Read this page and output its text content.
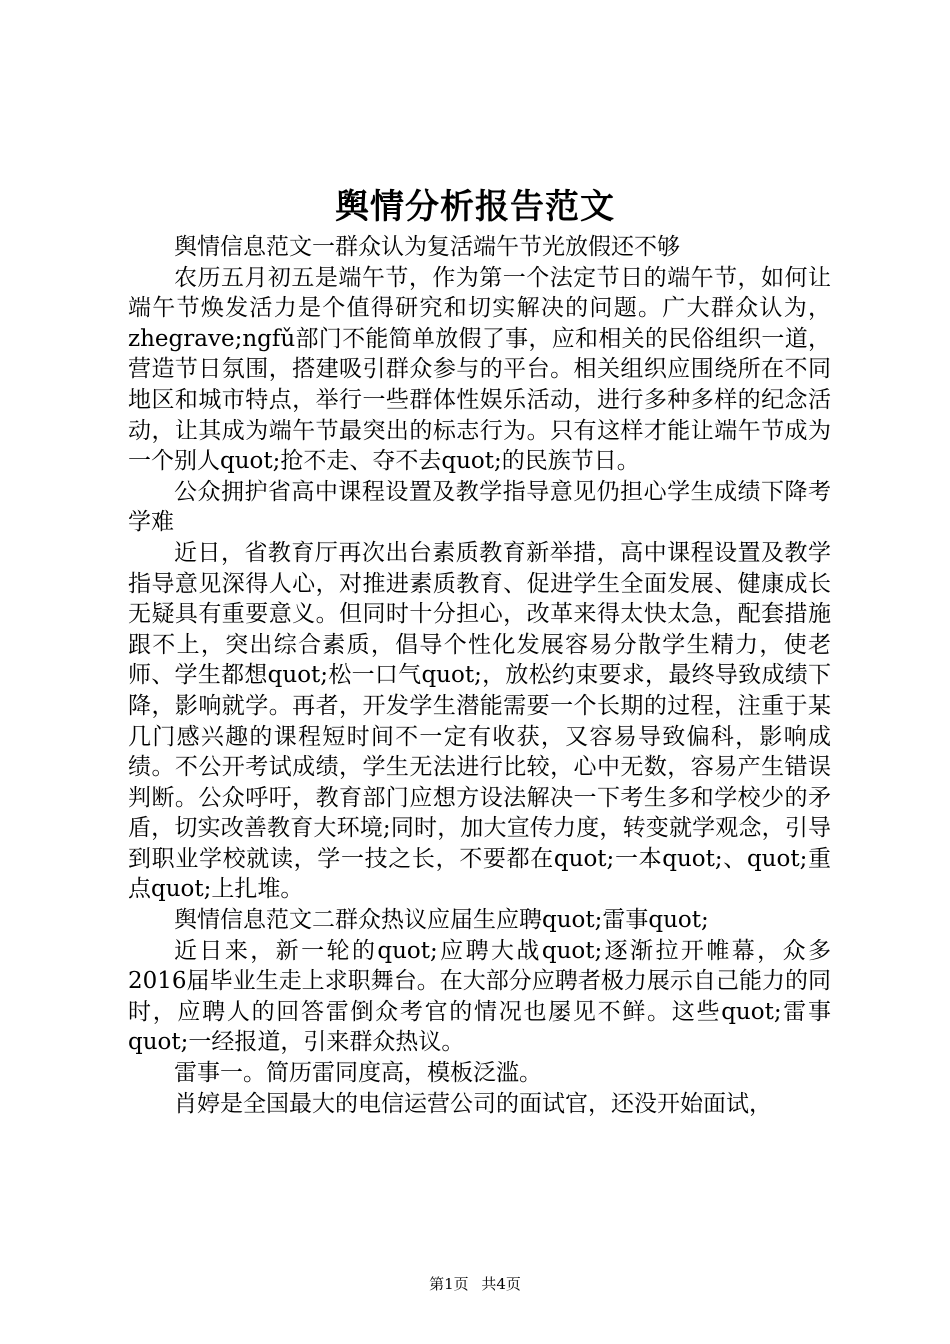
舆情分析报告范文

舆情信息范文一群众认为复活端午节光放假还不够

农历五月初五是端午节，作为第一个法定节日的端午节，如何让端午节焕发活力是个值得研究和切实解决的问题。广大群众认为，zhegrave;ngfǔ部门不能简单放假了事，应和相关的民俗组织一道，营造节日氛围，搭建吸引群众参与的平台。相关组织应围绕所在不同地区和城市特点，举行一些群体性娱乐活动，进行多种多样的纪念活动，让其成为端午节最突出的标志行为。只有这样才能让端午节成为一个别人quot;抢不走、夺不去quot;的民族节日。

公众拥护省高中课程设置及教学指导意见仍担心学生成绩下降考学难

近日，省教育厅再次出台素质教育新举措，高中课程设置及教学指导意见深得人心，对推进素质教育、促进学生全面发展、健康成长无疑具有重要意义。但同时十分担心，改革来得太快太急，配套措施跟不上，突出综合素质，倡导个性化发展容易分散学生精力，使老师、学生都想quot;松一口气quot;，放松约束要求，最终导致成绩下降，影响就学。再者，开发学生潜能需要一个长期的过程，注重于某几门感兴趣的课程短时间不一定有收获，又容易导致偏科，影响成绩。不公开考试成绩，学生无法进行比较，心中无数，容易产生错误判断。公众呼吁，教育部门应想方设法解决一下考生多和学校少的矛盾，切实改善教育大环境;同时，加大宣传力度，转变就学观念，引导到职业学校就读，学一技之长，不要都在quot;一本quot;、quot;重点quot;上扎堆。

舆情信息范文二群众热议应届生应聘quot;雷事quot;

近日来，新一轮的quot;应聘大战quot;逐渐拉开帷幕，众多2016届毕业生走上求职舞台。在大部分应聘者极力展示自己能力的同时，应聘人的回答雷倒众考官的情况也屡见不鲜。这些quot;雷事quot;一经报道，引来群众热议。

雷事一。简历雷同度高，模板泛滥。

肖婷是全国最大的电信运营公司的面试官，还没开始面试，

第1页 共4页
